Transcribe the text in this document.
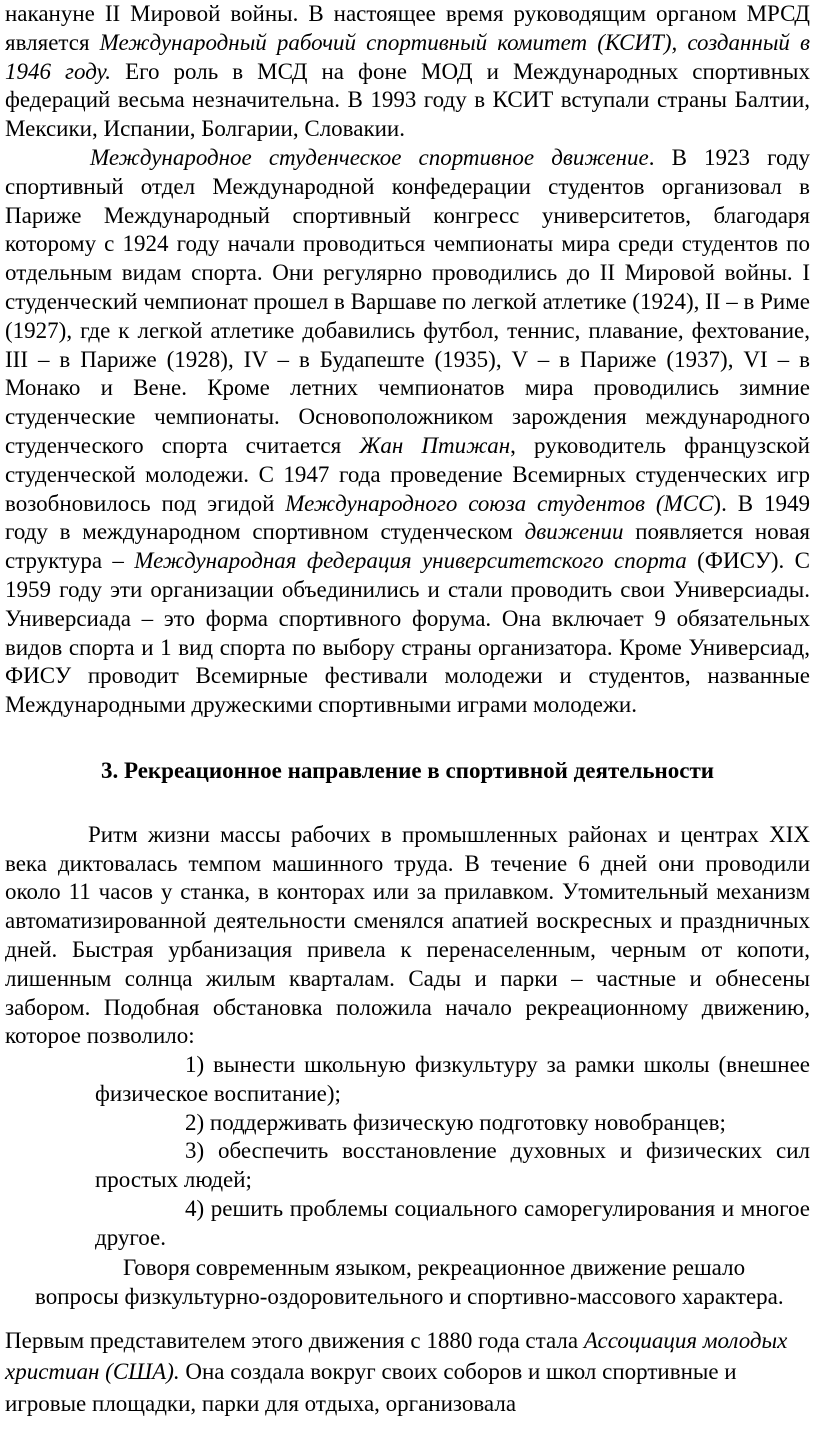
накануне II Мировой войны. В настоящее время руководящим органом МРСД является Международный рабочий спортивный комитет (КСИТ), созданный в 1946 году. Его роль в МСД на фоне МОД и Международных спортивных федераций весьма незначительна. В 1993 году в КСИТ вступали страны Балтии, Мексики, Испании, Болгарии, Словакии.

Международное студенческое спортивное движение. В 1923 году спортивный отдел Международной конфедерации студентов организовал в Париже Международный спортивный конгресс университетов, благодаря которому с 1924 году начали проводиться чемпионаты мира среди студентов по отдельным видам спорта. Они регулярно проводились до II Мировой войны. I студенческий чемпионат прошел в Варшаве по легкой атлетике (1924), II – в Риме (1927), где к легкой атлетике добавились футбол, теннис, плавание, фехтование, III – в Париже (1928), IV – в Будапеште (1935), V – в Париже (1937), VI – в Монако и Вене. Кроме летних чемпионатов мира проводились зимние студенческие чемпионаты. Основоположником зарождения международного студенческого спорта считается Жан Птижан, руководитель французской студенческой молодежи. С 1947 года проведение Всемирных студенческих игр возобновилось под эгидой Международного союза студентов (МСС). В 1949 году в международном спортивном студенческом движении появляется новая структура – Международная федерация университетского спорта (ФИСУ). С 1959 году эти организации объединились и стали проводить свои Универсиады. Универсиада – это форма спортивного форума. Она включает 9 обязательных видов спорта и 1 вид спорта по выбору страны организатора. Кроме Универсиад, ФИСУ проводит Всемирные фестивали молодежи и студентов, названные Международными дружескими спортивными играми молодежи.

3. Рекреационное направление в спортивной деятельности

Ритм жизни массы рабочих в промышленных районах и центрах XIX века диктовалась темпом машинного труда. В течение 6 дней они проводили около 11 часов у станка, в конторах или за прилавком. Утомительный механизм автоматизированной деятельности сменялся апатией воскресных и праздничных дней. Быстрая урбанизация привела к перенаселенным, черным от копоти, лишенным солнца жилым кварталам. Сады и парки – частные и обнесены забором. Подобная обстановка положила начало рекреационному движению, которое позволило:

1) вынести школьную физкультуру за рамки школы (внешнее физическое воспитание);

2) поддерживать физическую подготовку новобранцев;

3) обеспечить восстановление духовных и физических сил простых людей;

4) решить проблемы социального саморегулирования и многое другое.

Говоря современным языком, рекреационное движение решало вопросы физкультурно-оздоровительного и спортивно-массового характера.

Первым представителем этого движения с 1880 года стала Ассоциация молодых христиан (США). Она создала вокруг своих соборов и школ спортивные и игровые площадки, парки для отдыха, организовала
